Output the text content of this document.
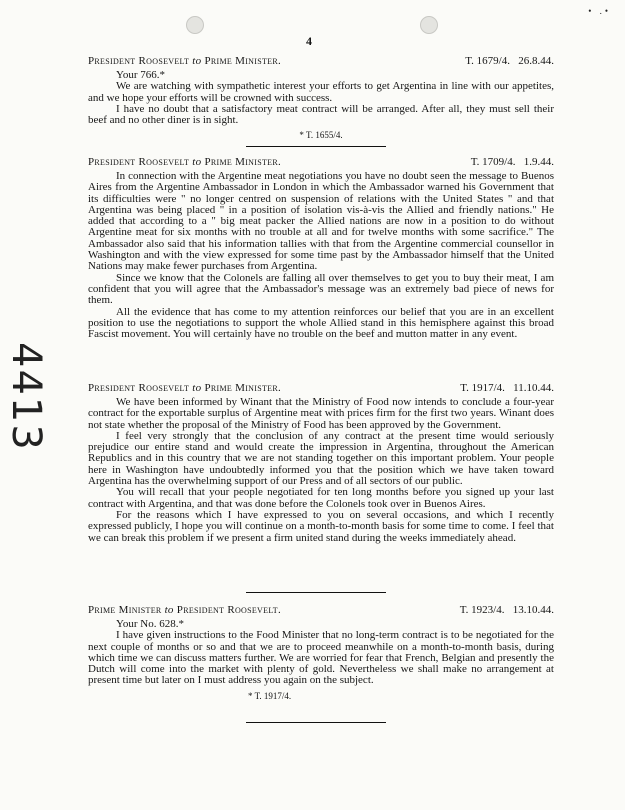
• .•
4
4413
President Roosevelt to Prime Minister.	T. 1679/4. 26.8.44.

Your 766.*

We are watching with sympathetic interest your efforts to get Argentina in line with our appetites, and we hope your efforts will be crowned with success.

I have no doubt that a satisfactory meat contract will be arranged. After all, they must sell their beef and no other diner is in sight.

* T. 1655/4.
President Roosevelt to Prime Minister.	T. 1709/4. 1.9.44.

In connection with the Argentine meat negotiations you have no doubt seen the message to Buenos Aires from the Argentine Ambassador in London in which the Ambassador warned his Government that its difficulties were " no longer centred on suspension of relations with the United States " and that Argentina was being placed " in a position of isolation vis-à-vis the Allied and friendly nations." He added that according to a " big meat packer the Allied nations are now in a position to do without Argentine meat for six months with no trouble at all and for twelve months with some sacrifice." The Ambassador also said that his information tallies with that from the Argentine commercial counsellor in Washington and with the view expressed for some time past by the Ambassador himself that the United Nations may make fewer purchases from Argentina.

Since we know that the Colonels are falling all over themselves to get you to buy their meat, I am confident that you will agree that the Ambassador's message was an extremely bad piece of news for them.

All the evidence that has come to my attention reinforces our belief that you are in an excellent position to use the negotiations to support the whole Allied stand in this hemisphere against this broad Fascist movement. You will certainly have no trouble on the beef and mutton matter in any event.

President Roosevelt to Prime Minister.	T. 1917/4. 11.10.44.

We have been informed by Winant that the Ministry of Food now intends to conclude a four-year contract for the exportable surplus of Argentine meat with prices firm for the first two years. Winant does not state whether the proposal of the Ministry of Food has been approved by the Government.

I feel very strongly that the conclusion of any contract at the present time would seriously prejudice our entire stand and would create the impression in Argentina, throughout the American Republics and in this country that we are not standing together on this important problem. Your people here in Washington have undoubtedly informed you that the position which we have taken toward Argentina has the overwhelming support of our Press and of all sectors of our public.

You will recall that your people negotiated for ten long months before you signed up your last contract with Argentina, and that was done before the Colonels took over in Buenos Aires.

For the reasons which I have expressed to you on several occasions, and which I recently expressed publicly, I hope you will continue on a month-to-month basis for some time to come. I feel that we can break this problem if we present a firm united stand during the weeks immediately ahead.

Prime Minister to President Roosevelt.	T. 1923/4. 13.10.44.

Your No. 628.*

I have given instructions to the Food Minister that no long-term contract is to be negotiated for the next couple of months or so and that we are to proceed meanwhile on a month-to-month basis, during which time we can discuss matters further. We are worried for fear that French, Belgian and presently the Dutch will come into the market with plenty of gold. Nevertheless we shall make no arrangement at present time but later on I must address you again on the subject.

* T. 1917/4.
